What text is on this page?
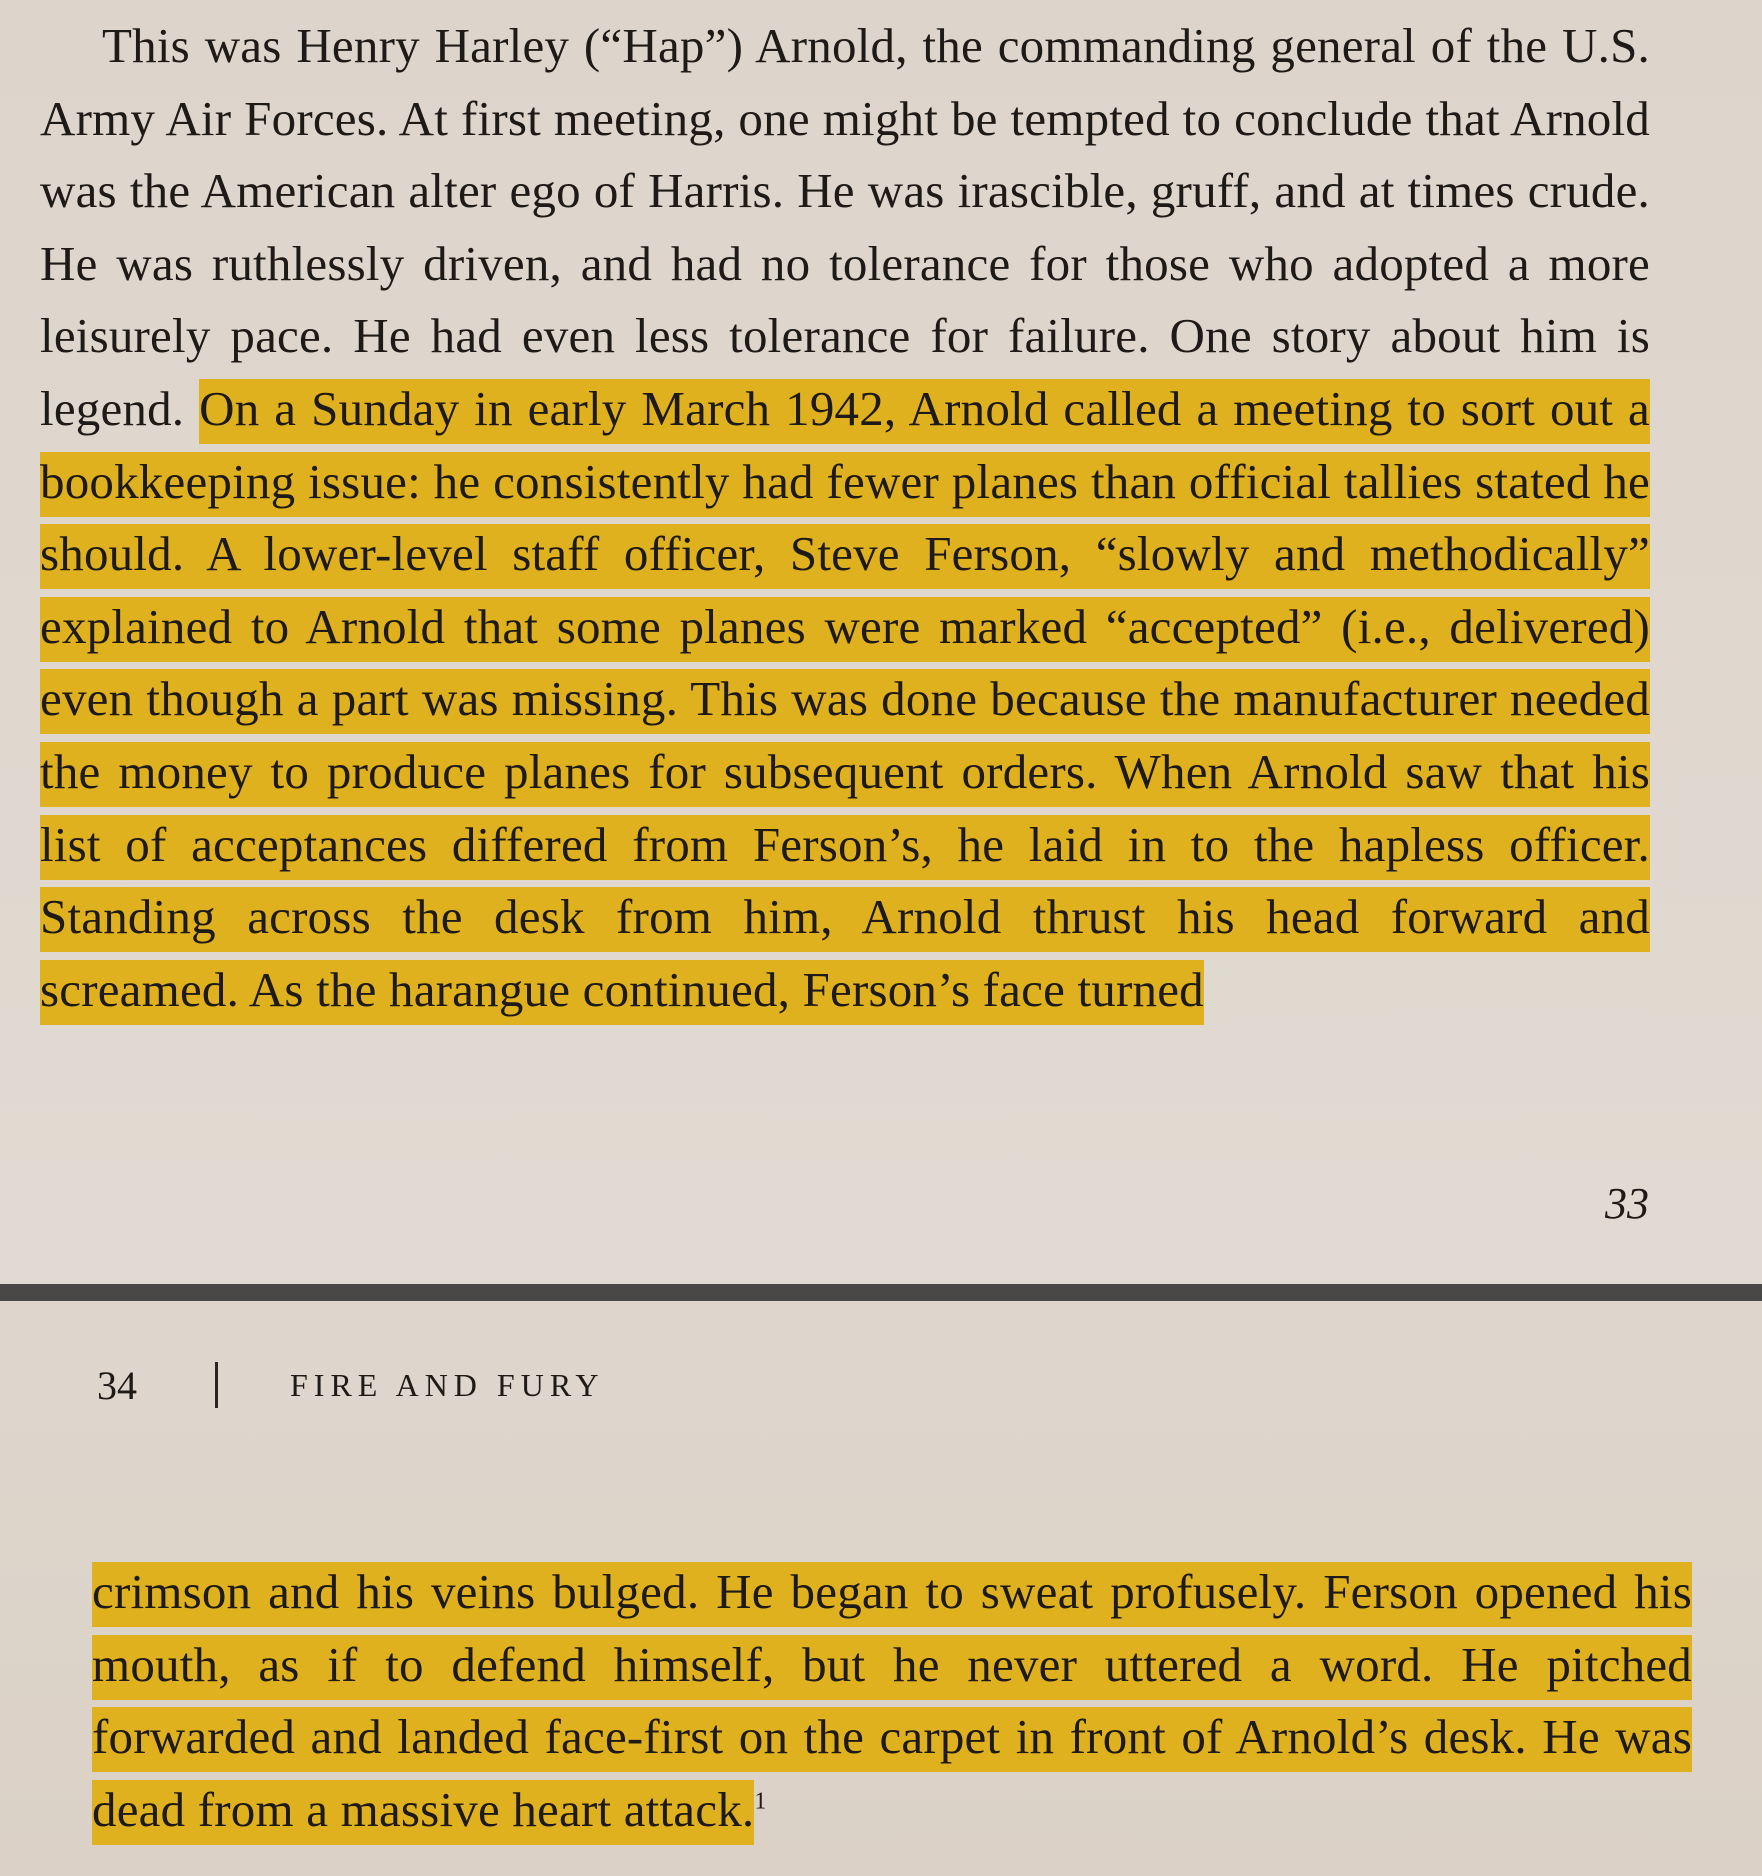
This was Henry Harley (“Hap”) Arnold, the commanding general of the U.S. Army Air Forces. At first meeting, one might be tempted to conclude that Arnold was the American alter ego of Harris. He was irascible, gruff, and at times crude. He was ruthlessly driven, and had no tolerance for those who adopted a more leisurely pace. He had even less tolerance for failure. One story about him is legend. On a Sunday in early March 1942, Arnold called a meeting to sort out a bookkeeping issue: he consistently had fewer planes than official tallies stated he should. A lower-level staff officer, Steve Ferson, “slowly and methodically” explained to Arnold that some planes were marked “accepted” (i.e., delivered) even though a part was missing. This was done because the manufacturer needed the money to produce planes for subsequent orders. When Arnold saw that his list of acceptances differed from Ferson’s, he laid in to the hapless officer. Standing across the desk from him, Arnold thrust his head forward and screamed. As the harangue continued, Ferson’s face turned

33
34	FIRE AND FURY

crimson and his veins bulged. He began to sweat profusely. Ferson opened his mouth, as if to defend himself, but he never uttered a word. He pitched forwarded and landed face-first on the carpet in front of Arnold’s desk. He was dead from a massive heart attack.$^1$
